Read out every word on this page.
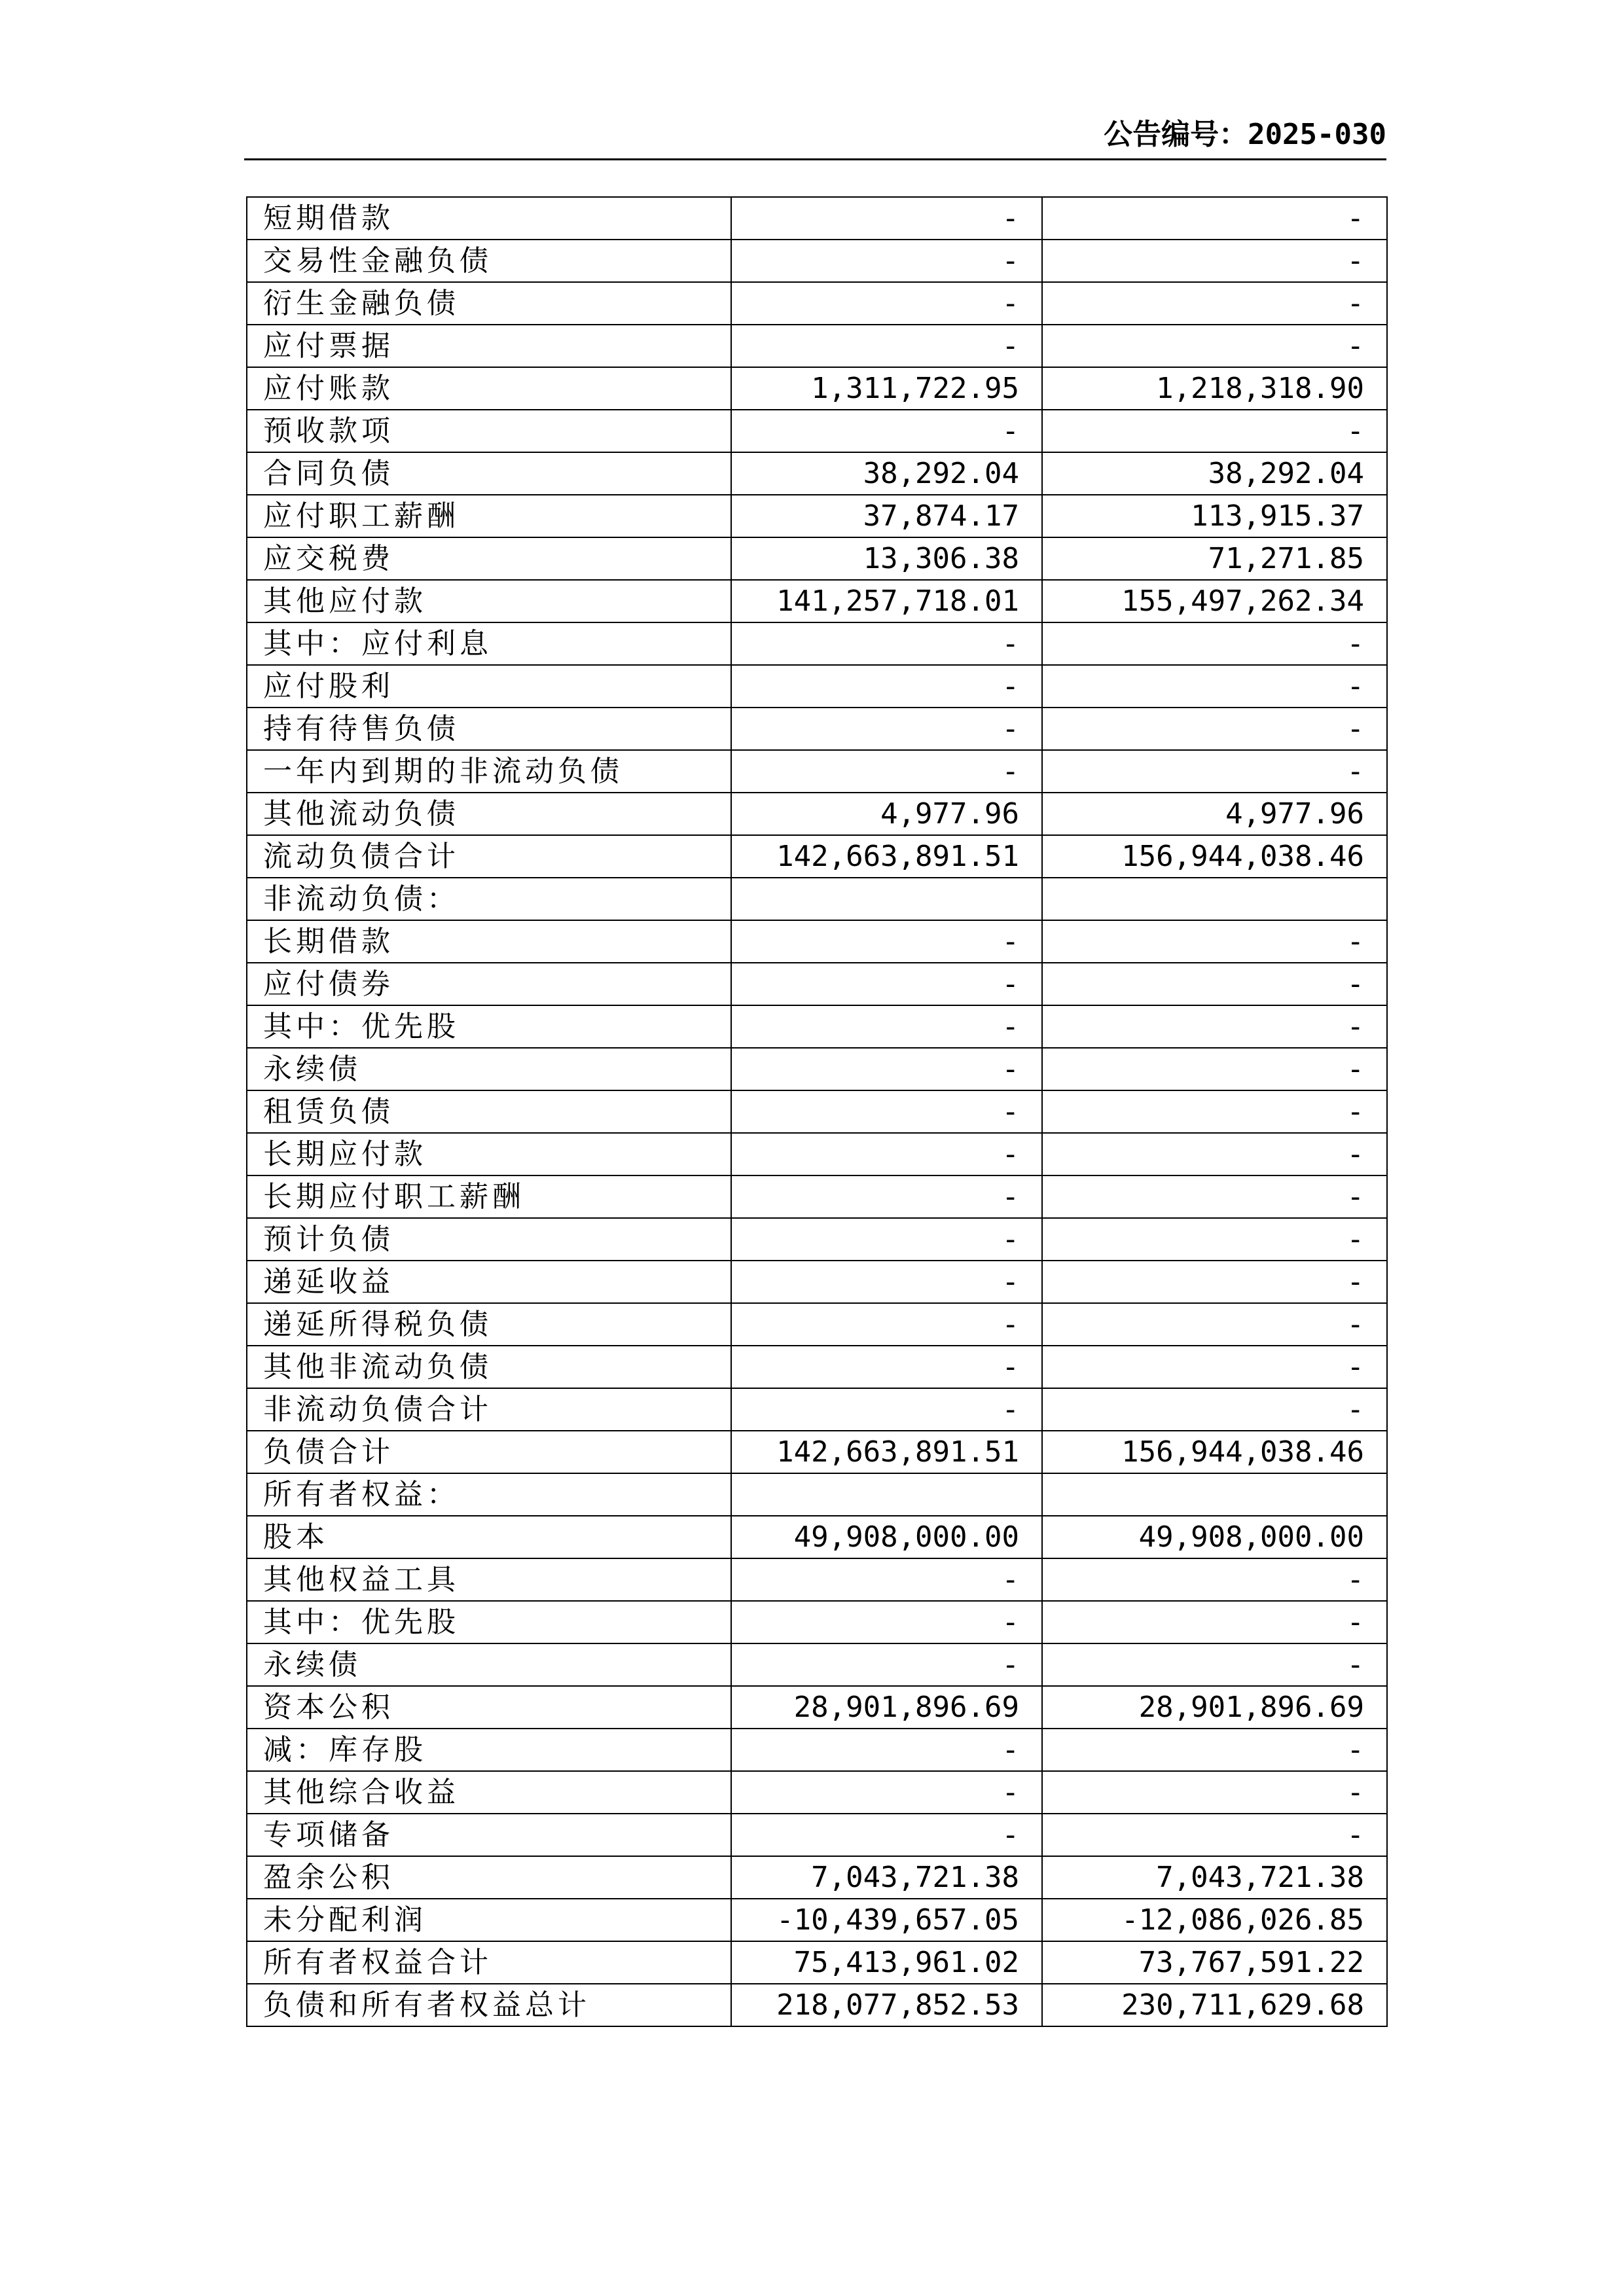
公告编号：2025-030
短期借款	-	-
交易性金融负债	-	-
衍生金融负债	-	-
应付票据	-	-
应付账款	1,311,722.95	1,218,318.90
预收款项	-	-
合同负债	38,292.04	38,292.04
应付职工薪酬	37,874.17	113,915.37
应交税费	13,306.38	71,271.85
其他应付款	141,257,718.01	155,497,262.34
其中：应付利息	-	-
应付股利	-	-
持有待售负债	-	-
一年内到期的非流动负债	-	-
其他流动负债	4,977.96	4,977.96
流动负债合计	142,663,891.51	156,944,038.46
非流动负债：		
长期借款	-	-
应付债券	-	-
其中：优先股	-	-
永续债	-	-
租赁负债	-	-
长期应付款	-	-
长期应付职工薪酬	-	-
预计负债	-	-
递延收益	-	-
递延所得税负债	-	-
其他非流动负债	-	-
非流动负债合计	-	-
负债合计	142,663,891.51	156,944,038.46
所有者权益：		
股本	49,908,000.00	49,908,000.00
其他权益工具	-	-
其中：优先股	-	-
永续债	-	-
资本公积	28,901,896.69	28,901,896.69
减：库存股	-	-
其他综合收益	-	-
专项储备	-	-
盈余公积	7,043,721.38	7,043,721.38
未分配利润	-10,439,657.05	-12,086,026.85
所有者权益合计	75,413,961.02	73,767,591.22
负债和所有者权益总计	218,077,852.53	230,711,629.68
